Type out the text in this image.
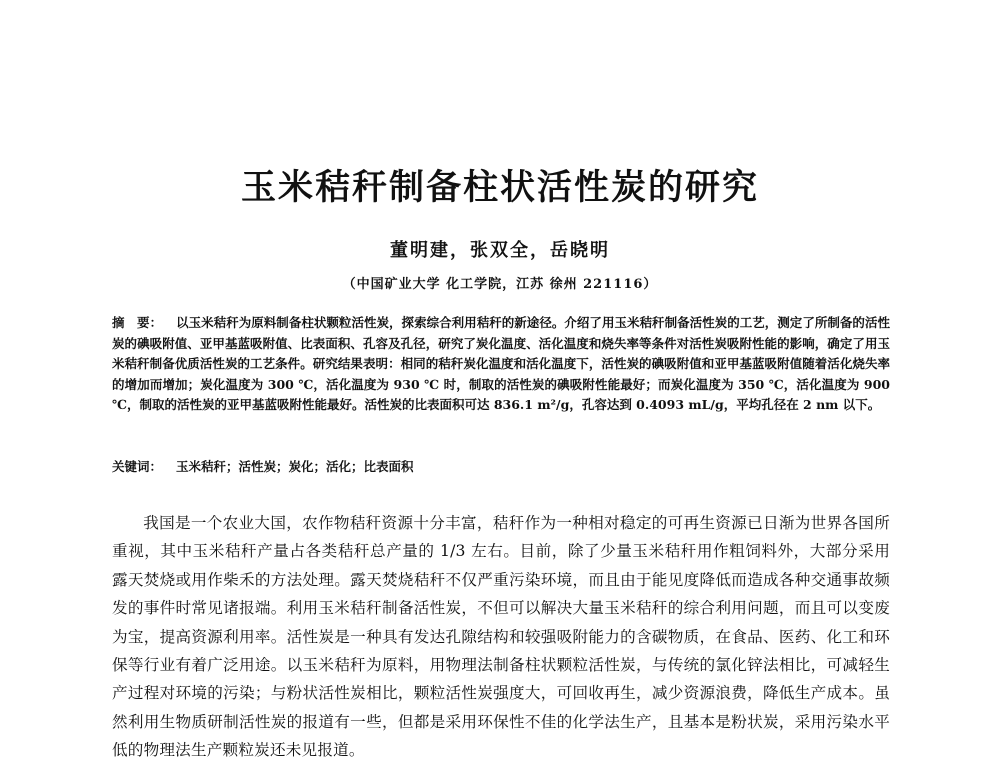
玉米秸秆制备柱状活性炭的研究
董明建，张双全，岳晓明
（中国矿业大学 化工学院，江苏 徐州 221116）
摘　要： 以玉米秸秆为原料制备柱状颗粒活性炭，探索综合利用秸秆的新途径。介绍了用玉米秸秆制备活性炭的工艺，测定了所制备的活性炭的碘吸附值、亚甲基蓝吸附值、比表面积、孔容及孔径，研究了炭化温度、活化温度和烧失率等条件对活性炭吸附性能的影响，确定了用玉米秸秆制备优质活性炭的工艺条件。研究结果表明：相同的秸秆炭化温度和活化温度下，活性炭的碘吸附值和亚甲基蓝吸附值随着活化烧失率的增加而增加；炭化温度为 300 ℃，活化温度为 930 ℃ 时，制取的活性炭的碘吸附性能最好；而炭化温度为 350 ℃，活化温度为 900 ℃，制取的活性炭的亚甲基蓝吸附性能最好。活性炭的比表面积可达 836.1 m²/g，孔容达到 0.4093 mL/g，平均孔径在 2 nm 以下。
关键词： 玉米秸秆；活性炭；炭化；活化；比表面积
我国是一个农业大国，农作物秸秆资源十分丰富，秸秆作为一种相对稳定的可再生资源已日渐为世界各国所重视，其中玉米秸秆产量占各类秸秆总产量的 1/3 左右。目前，除了少量玉米秸秆用作粗饲料外，大部分采用露天焚烧或用作柴禾的方法处理。露天焚烧秸秆不仅严重污染环境，而且由于能见度降低而造成各种交通事故频发的事件时常见诸报端。利用玉米秸秆制备活性炭，不但可以解决大量玉米秸秆的综合利用问题，而且可以变废为宝，提高资源利用率。活性炭是一种具有发达孔隙结构和较强吸附能力的含碳物质，在食品、医药、化工和环保等行业有着广泛用途。以玉米秸秆为原料，用物理法制备柱状颗粒活性炭，与传统的氯化锌法相比，可减轻生产过程对环境的污染；与粉状活性炭相比，颗粒活性炭强度大，可回收再生，减少资源浪费，降低生产成本。虽然利用生物质研制活性炭的报道有一些，但都是采用环保性不佳的化学法生产，且基本是粉状炭，采用污染水平低的物理法生产颗粒炭还未见报道。
